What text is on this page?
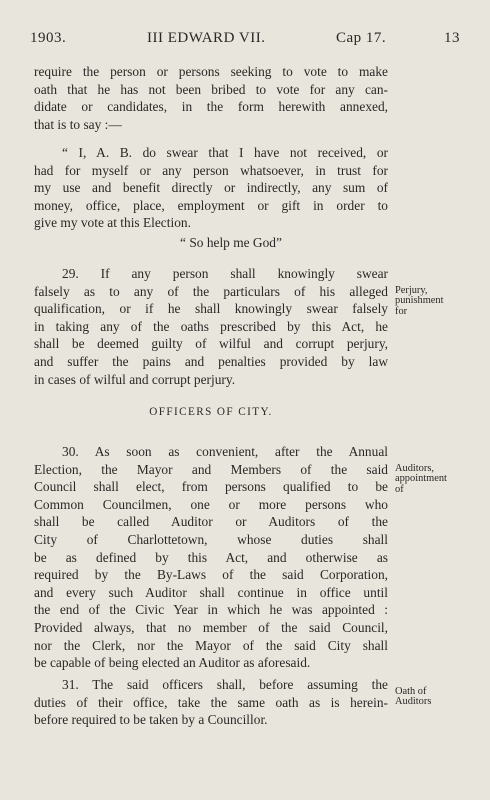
1903.	III EDWARD VII.	Cap 17.	13
require the person or persons seeking to vote to make
oath that he has not been bribed to vote for any can-
didate or candidates, in the form herewith annexed,
that is to say :—
“ I, A. B. do swear that I have not received, or
had for myself or any person whatsoever, in trust for
my use and benefit directly or indirectly, any sum of
money, office, place, employment or gift in order to
give my vote at this Election.
“ So help me God”
29. If any person shall knowingly swear
falsely as to any of the particulars of his alleged
qualification, or if he shall knowingly swear falsely
in taking any of the oaths prescribed by this Act, he
shall be deemed guilty of wilful and corrupt perjury,
and suffer the pains and penalties provided by law
in cases of wilful and corrupt perjury.
Perjury,
punishment
for
OFFICERS OF CITY.
30. As soon as convenient, after the Annual
Election, the Mayor and Members of the said
Council shall elect, from persons qualified to be
Common Councilmen, one or more persons who
shall be called Auditor or Auditors of the
City of Charlottetown, whose duties shall
be as defined by this Act, and otherwise as
required by the By-Laws of the said Corporation,
and every such Auditor shall continue in office until
the end of the Civic Year in which he was appointed :
Provided always, that no member of the said Council,
nor the Clerk, nor the Mayor of the said City shall
be capable of being elected an Auditor as aforesaid.
Auditors,
appointment
of
31. The said officers shall, before assuming the
duties of their office, take the same oath as is herein-
before required to be taken by a Councillor.
Oath of
Auditors
